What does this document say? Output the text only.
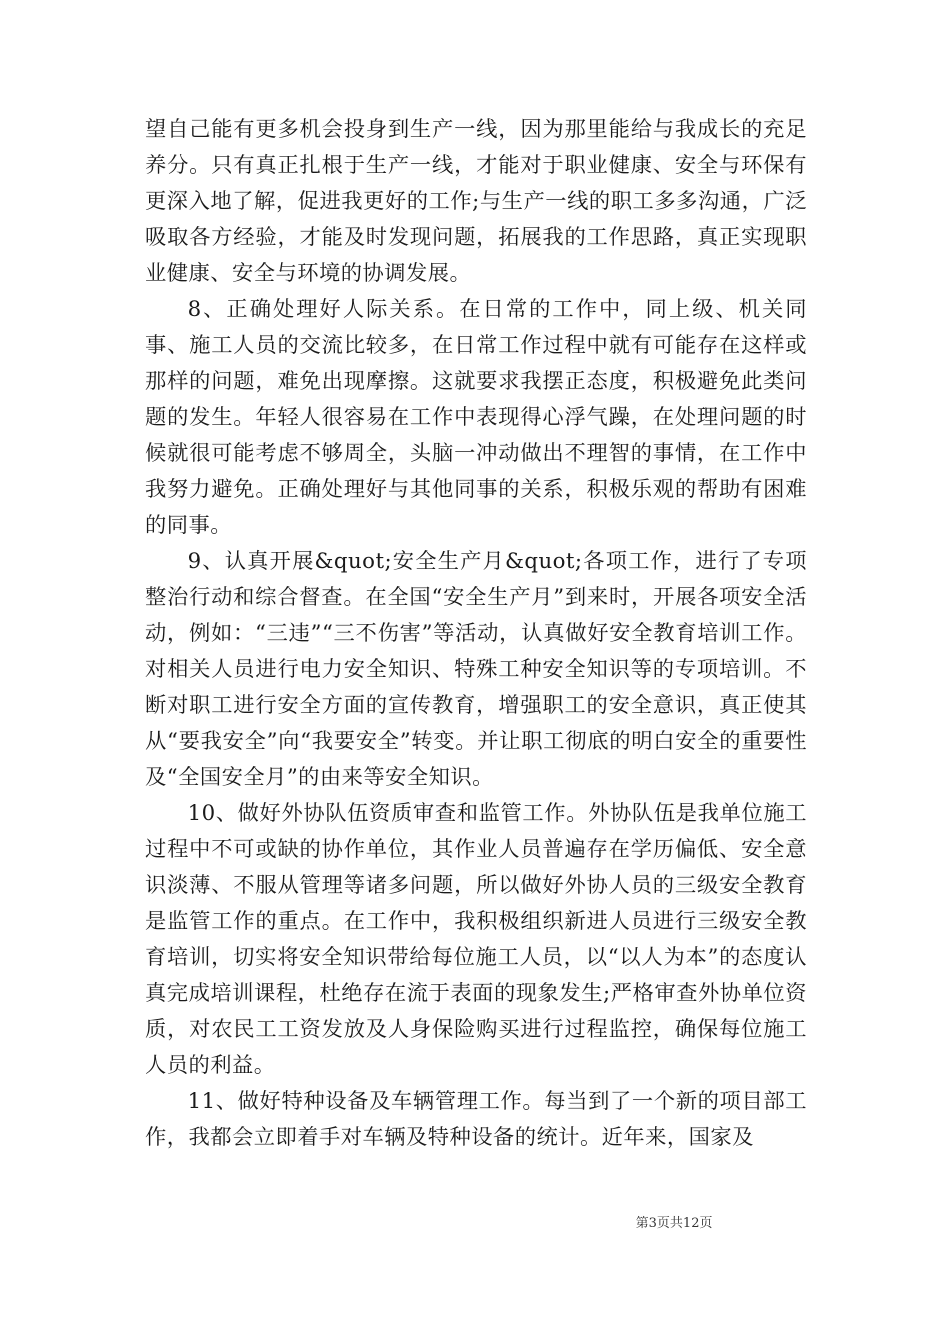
望自己能有更多机会投身到生产一线，因为那里能给与我成长的充足养分。只有真正扎根于生产一线，才能对于职业健康、安全与环保有更深入地了解，促进我更好的工作;与生产一线的职工多多沟通，广泛吸取各方经验，才能及时发现问题，拓展我的工作思路，真正实现职业健康、安全与环境的协调发展。

8、正确处理好人际关系。在日常的工作中，同上级、机关同事、施工人员的交流比较多，在日常工作过程中就有可能存在这样或那样的问题，难免出现摩擦。这就要求我摆正态度，积极避免此类问题的发生。年轻人很容易在工作中表现得心浮气躁，在处理问题的时候就很可能考虑不够周全，头脑一冲动做出不理智的事情，在工作中我努力避免。正确处理好与其他同事的关系，积极乐观的帮助有困难的同事。

9、认真开展&quot;安全生产月&quot;各项工作，进行了专项整治行动和综合督查。在全国“安全生产月”到来时，开展各项安全活动，例如：“三违”“三不伤害”等活动，认真做好安全教育培训工作。对相关人员进行电力安全知识、特殊工种安全知识等的专项培训。不断对职工进行安全方面的宣传教育，增强职工的安全意识，真正使其从“要我安全”向“我要安全”转变。并让职工彻底的明白安全的重要性及“全国安全月”的由来等安全知识。

10、做好外协队伍资质审查和监管工作。外协队伍是我单位施工过程中不可或缺的协作单位，其作业人员普遍存在学历偏低、安全意识淡薄、不服从管理等诸多问题，所以做好外协人员的三级安全教育是监管工作的重点。在工作中，我积极组织新进人员进行三级安全教育培训，切实将安全知识带给每位施工人员，以“以人为本”的态度认真完成培训课程，杜绝存在流于表面的现象发生;严格审查外协单位资质，对农民工工资发放及人身保险购买进行过程监控，确保每位施工人员的利益。

11、做好特种设备及车辆管理工作。每当到了一个新的项目部工作，我都会立即着手对车辆及特种设备的统计。近年来，国家及

第3页共12页
